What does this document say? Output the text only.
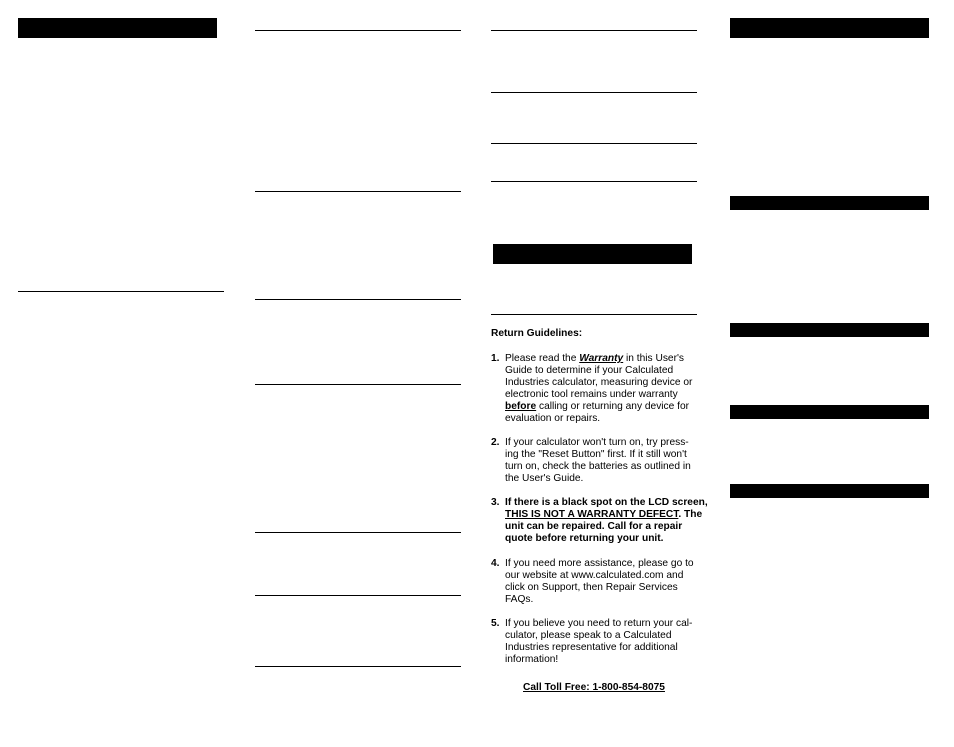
Return Guidelines:
1. Please read the Warranty in this User's
Guide to determine if your Calculated
Industries calculator, measuring device or
electronic tool remains under warranty
before calling or returning any device for
evaluation or repairs.
2. If your calculator won't turn on, try press-
ing the "Reset Button" first. If it still won't
turn on, check the batteries as outlined in
the User's Guide.
3. If there is a black spot on the LCD screen,
THIS IS NOT A WARRANTY DEFECT. The
unit can be repaired. Call for a repair
quote before returning your unit.
4. If you need more assistance, please go to
our website at www.calculated.com and
click on Support, then Repair Services
FAQs.
5. If you believe you need to return your cal-
culator, please speak to a Calculated
Industries representative for additional
information!
Call Toll Free: 1-800-854-8075
